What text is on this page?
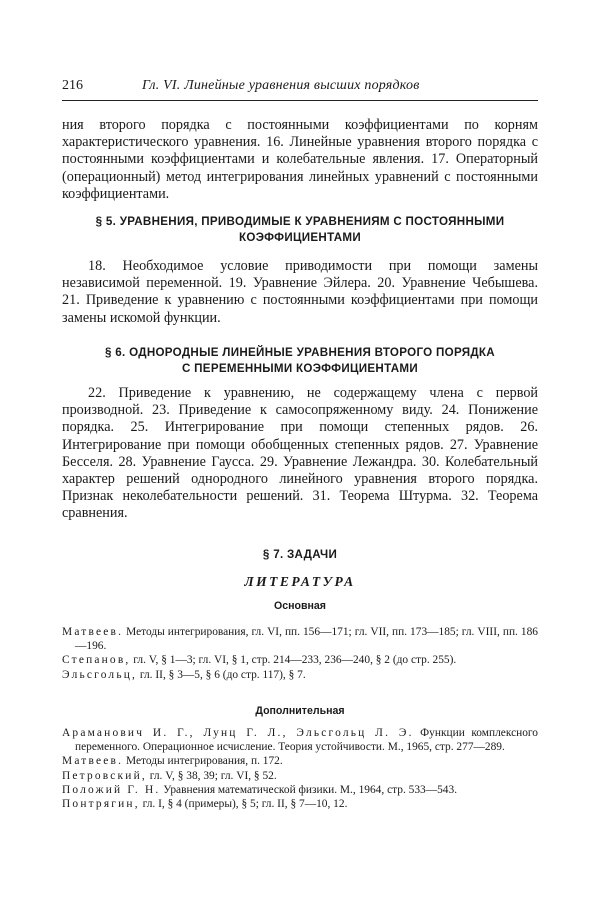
216	Гл. VI. Линейные уравнения высших порядков

ния второго порядка с постоянными коэффициентами по корням характеристического уравнения. 16. Линейные уравнения второго порядка с постоянными коэффициентами и колебательные явления. 17. Операторный (операционный) метод интегрирования линейных уравнений с постоянными коэффициентами.

§ 5. УРАВНЕНИЯ, ПРИВОДИМЫЕ К УРАВНЕНИЯМ С ПОСТОЯННЫМИ
КОЭФФИЦИЕНТАМИ

18. Необходимое условие приводимости при помощи замены независимой переменной. 19. Уравнение Эйлера. 20. Уравнение Чебышева. 21. Приведение к уравнению с постоянными коэффициентами при помощи замены искомой функции.

§ 6. ОДНОРОДНЫЕ ЛИНЕЙНЫЕ УРАВНЕНИЯ ВТОРОГО ПОРЯДКА
С ПЕРЕМЕННЫМИ КОЭФФИЦИЕНТАМИ

22. Приведение к уравнению, не содержащему члена с первой производной. 23. Приведение к самосопряженному виду. 24. Понижение порядка. 25. Интегрирование при помощи степенных рядов. 26. Интегрирование при помощи обобщенных степенных рядов. 27. Уравнение Бесселя. 28. Уравнение Гаусса. 29. Уравнение Лежандра. 30. Колебательный характер решений однородного линейного уравнения второго порядка. Признак неколебательности решений. 31. Теорема Штурма. 32. Теорема сравнения.

§ 7. ЗАДАЧИ
ЛИТЕРАТУРА
Основная
Матвеев. Методы интегрирования, гл. VI, пп. 156—171; гл. VII, пп. 173—185; гл. VIII, пп. 186—196.
Степанов, гл. V, § 1—3; гл. VI, § 1, стр. 214—233, 236—240, § 2 (до стр. 255).
Эльсгольц, гл. II, § 3—5, § 6 (до стр. 117), § 7.
Дополнительная
Араманович И. Г., Лунц Г. Л., Эльсгольц Л. Э. Функции комплексного переменного. Операционное исчисление. Теория устойчивости. М., 1965, стр. 277—289.
Матвеев. Методы интегрирования, п. 172.
Петровский, гл. V, § 38, 39; гл. VI, § 52.
Положий Г. Н. Уравнения математической физики. М., 1964, стр. 533—543.
Понтрягин, гл. I, § 4 (примеры), § 5; гл. II, § 7—10, 12.
